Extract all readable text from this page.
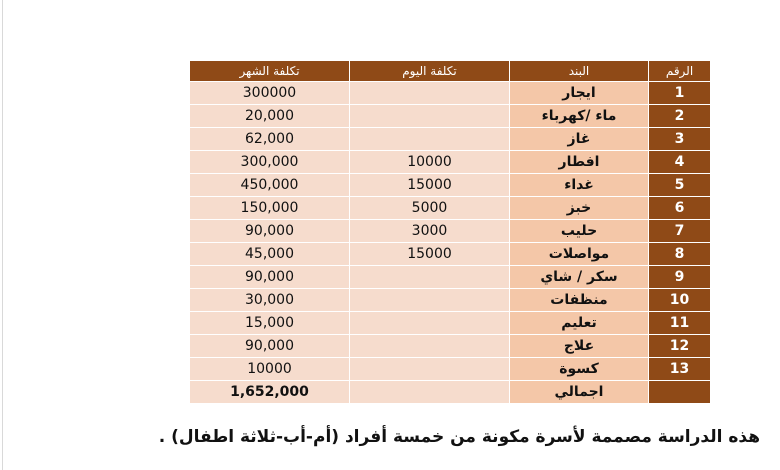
تكلفة الشهر	تكلفة اليوم	البند	الرقم
300000		ايجار	1
20,000		ماء /كهرباء	2
62,000		غاز	3
300,000	10000	افطار	4
450,000	15000	غداء	5
150,000	5000	خبز	6
90,000	3000	حليب	7
45,000	15000	مواصلات	8
90,000		سكر / شاي	9
30,000		منظفات	10
15,000		تعليم	11
90,000		علاج	12
10000		كسوة	13
1,652,000		اجمالي	
هذه الدراسة مصممة لأسرة مكونة من خمسة أفراد (أم-أب-ثلاثة اطفال) .
